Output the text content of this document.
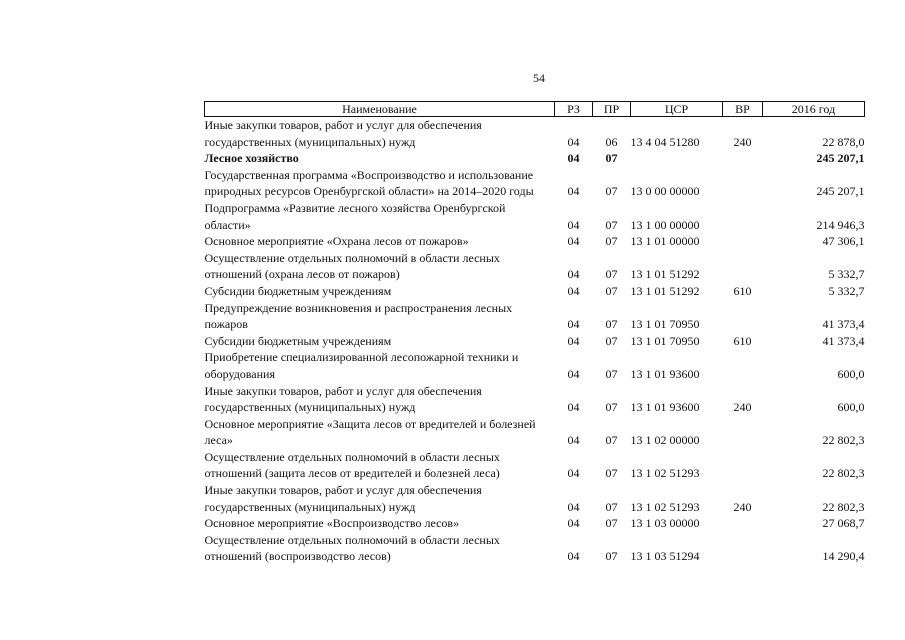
54
Наименование	РЗ	ПР	ЦСР	ВР	2016 год
Иные закупки товаров, работ и услуг для обеспечения государственных (муниципальных) нужд	04	06	13 4 04 51280	240	22 878,0
Лесное хозяйство	04	07			245 207,1
Государственная программа «Воспроизводство и использование природных ресурсов Оренбургской области» на 2014–2020 годы	04	07	13 0 00 00000		245 207,1
Подпрограмма «Развитие лесного хозяйства Оренбургской области»	04	07	13 1 00 00000		214 946,3
Основное мероприятие «Охрана лесов от пожаров»	04	07	13 1 01 00000		47 306,1
Осуществление отдельных полномочий в области лесных отношений (охрана лесов от пожаров)	04	07	13 1 01 51292		5 332,7
Субсидии бюджетным учреждениям	04	07	13 1 01 51292	610	5 332,7
Предупреждение возникновения и распространения лесных пожаров	04	07	13 1 01 70950		41 373,4
Субсидии бюджетным учреждениям	04	07	13 1 01 70950	610	41 373,4
Приобретение специализированной лесопожарной техники и оборудования	04	07	13 1 01 93600		600,0
Иные закупки товаров, работ и услуг для обеспечения государственных (муниципальных) нужд	04	07	13 1 01 93600	240	600,0
Основное мероприятие «Защита лесов от вредителей и болезней леса»	04	07	13 1 02 00000		22 802,3
Осуществление отдельных полномочий в области лесных отношений (защита лесов от вредителей и болезней леса)	04	07	13 1 02 51293		22 802,3
Иные закупки товаров, работ и услуг для обеспечения государственных (муниципальных) нужд	04	07	13 1 02 51293	240	22 802,3
Основное мероприятие «Воспроизводство лесов»	04	07	13 1 03 00000		27 068,7
Осуществление отдельных полномочий в области лесных отношений (воспроизводство лесов)	04	07	13 1 03 51294		14 290,4
